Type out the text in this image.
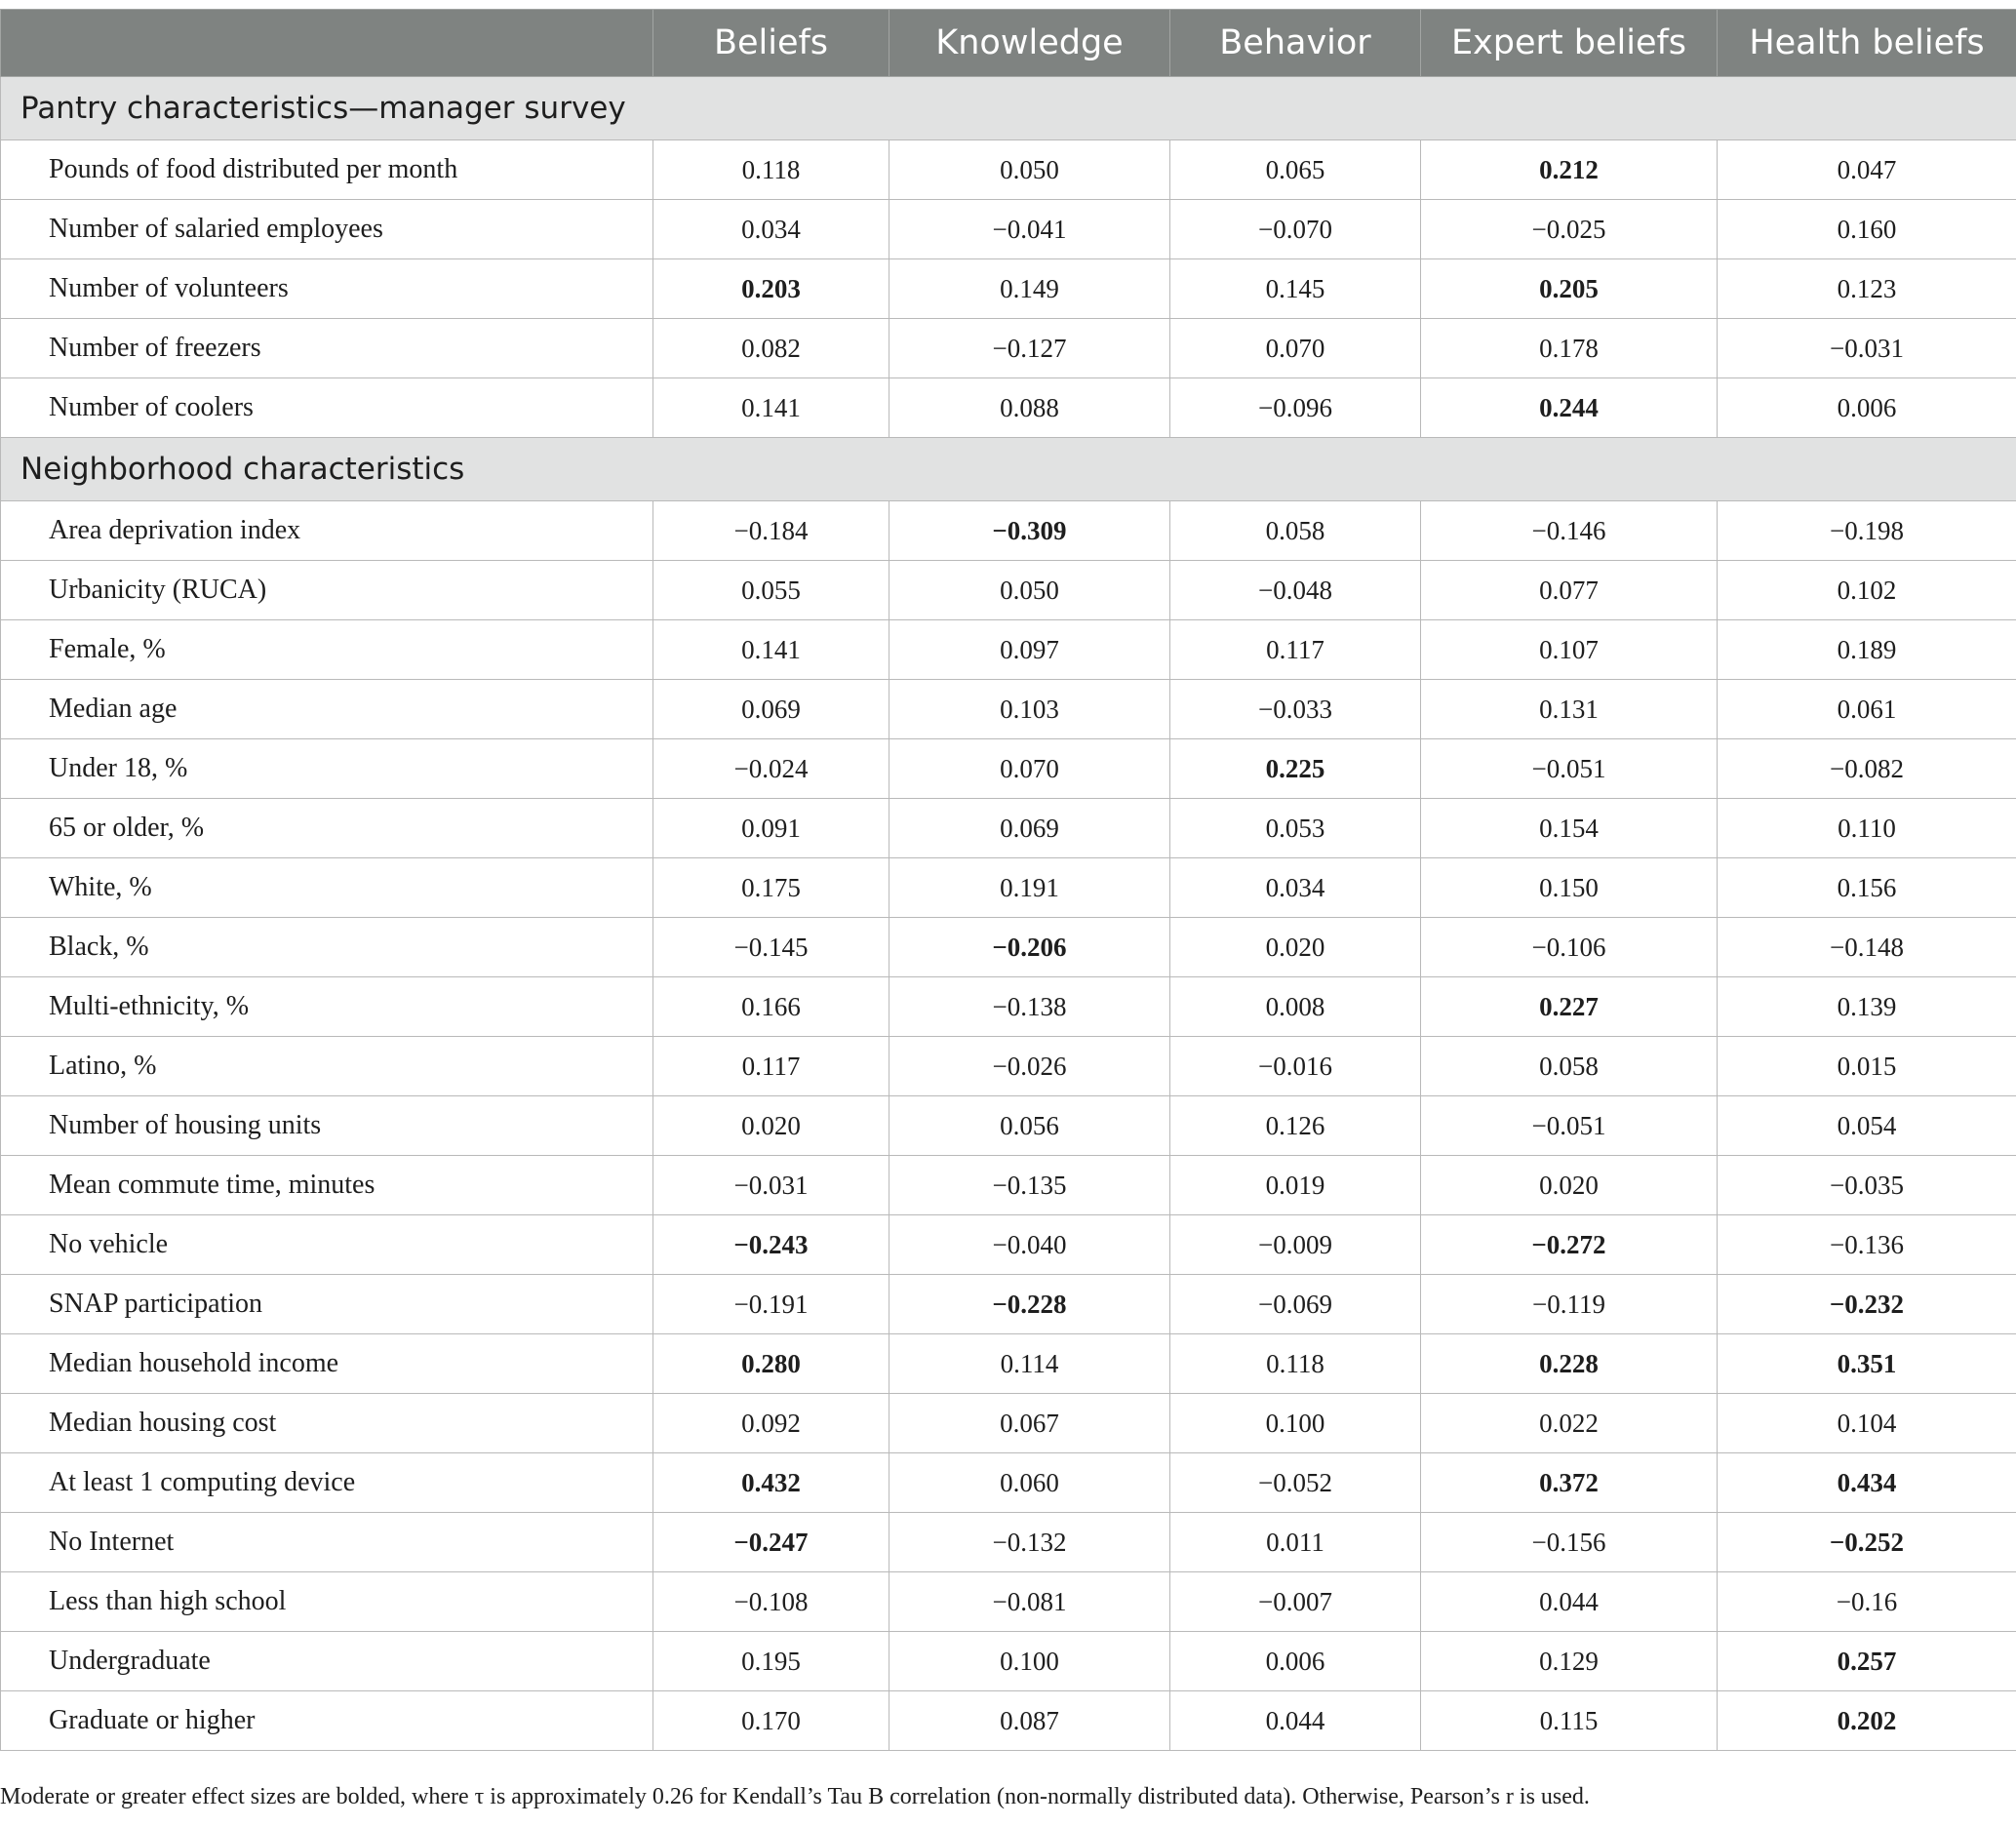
	Beliefs	Knowledge	Behavior	Expert beliefs	Health beliefs
Pantry characteristics—manager survey					
Pounds of food distributed per month	0.118	0.050	0.065	0.212	0.047
Number of salaried employees	0.034	−0.041	−0.070	−0.025	0.160
Number of volunteers	0.203	0.149	0.145	0.205	0.123
Number of freezers	0.082	−0.127	0.070	0.178	−0.031
Number of coolers	0.141	0.088	−0.096	0.244	0.006
Neighborhood characteristics					
Area deprivation index	−0.184	−0.309	0.058	−0.146	−0.198
Urbanicity (RUCA)	0.055	0.050	−0.048	0.077	0.102
Female, %	0.141	0.097	0.117	0.107	0.189
Median age	0.069	0.103	−0.033	0.131	0.061
Under 18, %	−0.024	0.070	0.225	−0.051	−0.082
65 or older, %	0.091	0.069	0.053	0.154	0.110
White, %	0.175	0.191	0.034	0.150	0.156
Black, %	−0.145	−0.206	0.020	−0.106	−0.148
Multi-ethnicity, %	0.166	−0.138	0.008	0.227	0.139
Latino, %	0.117	−0.026	−0.016	0.058	0.015
Number of housing units	0.020	0.056	0.126	−0.051	0.054
Mean commute time, minutes	−0.031	−0.135	0.019	0.020	−0.035
No vehicle	−0.243	−0.040	−0.009	−0.272	−0.136
SNAP participation	−0.191	−0.228	−0.069	−0.119	−0.232
Median household income	0.280	0.114	0.118	0.228	0.351
Median housing cost	0.092	0.067	0.100	0.022	0.104
At least 1 computing device	0.432	0.060	−0.052	0.372	0.434
No Internet	−0.247	−0.132	0.011	−0.156	−0.252
Less than high school	−0.108	−0.081	−0.007	0.044	−0.16
Undergraduate	0.195	0.100	0.006	0.129	0.257
Graduate or higher	0.170	0.087	0.044	0.115	0.202
Moderate or greater effect sizes are bolded, where τ is approximately 0.26 for Kendall’s Tau B correlation (non-normally distributed data). Otherwise, Pearson’s r is used.
